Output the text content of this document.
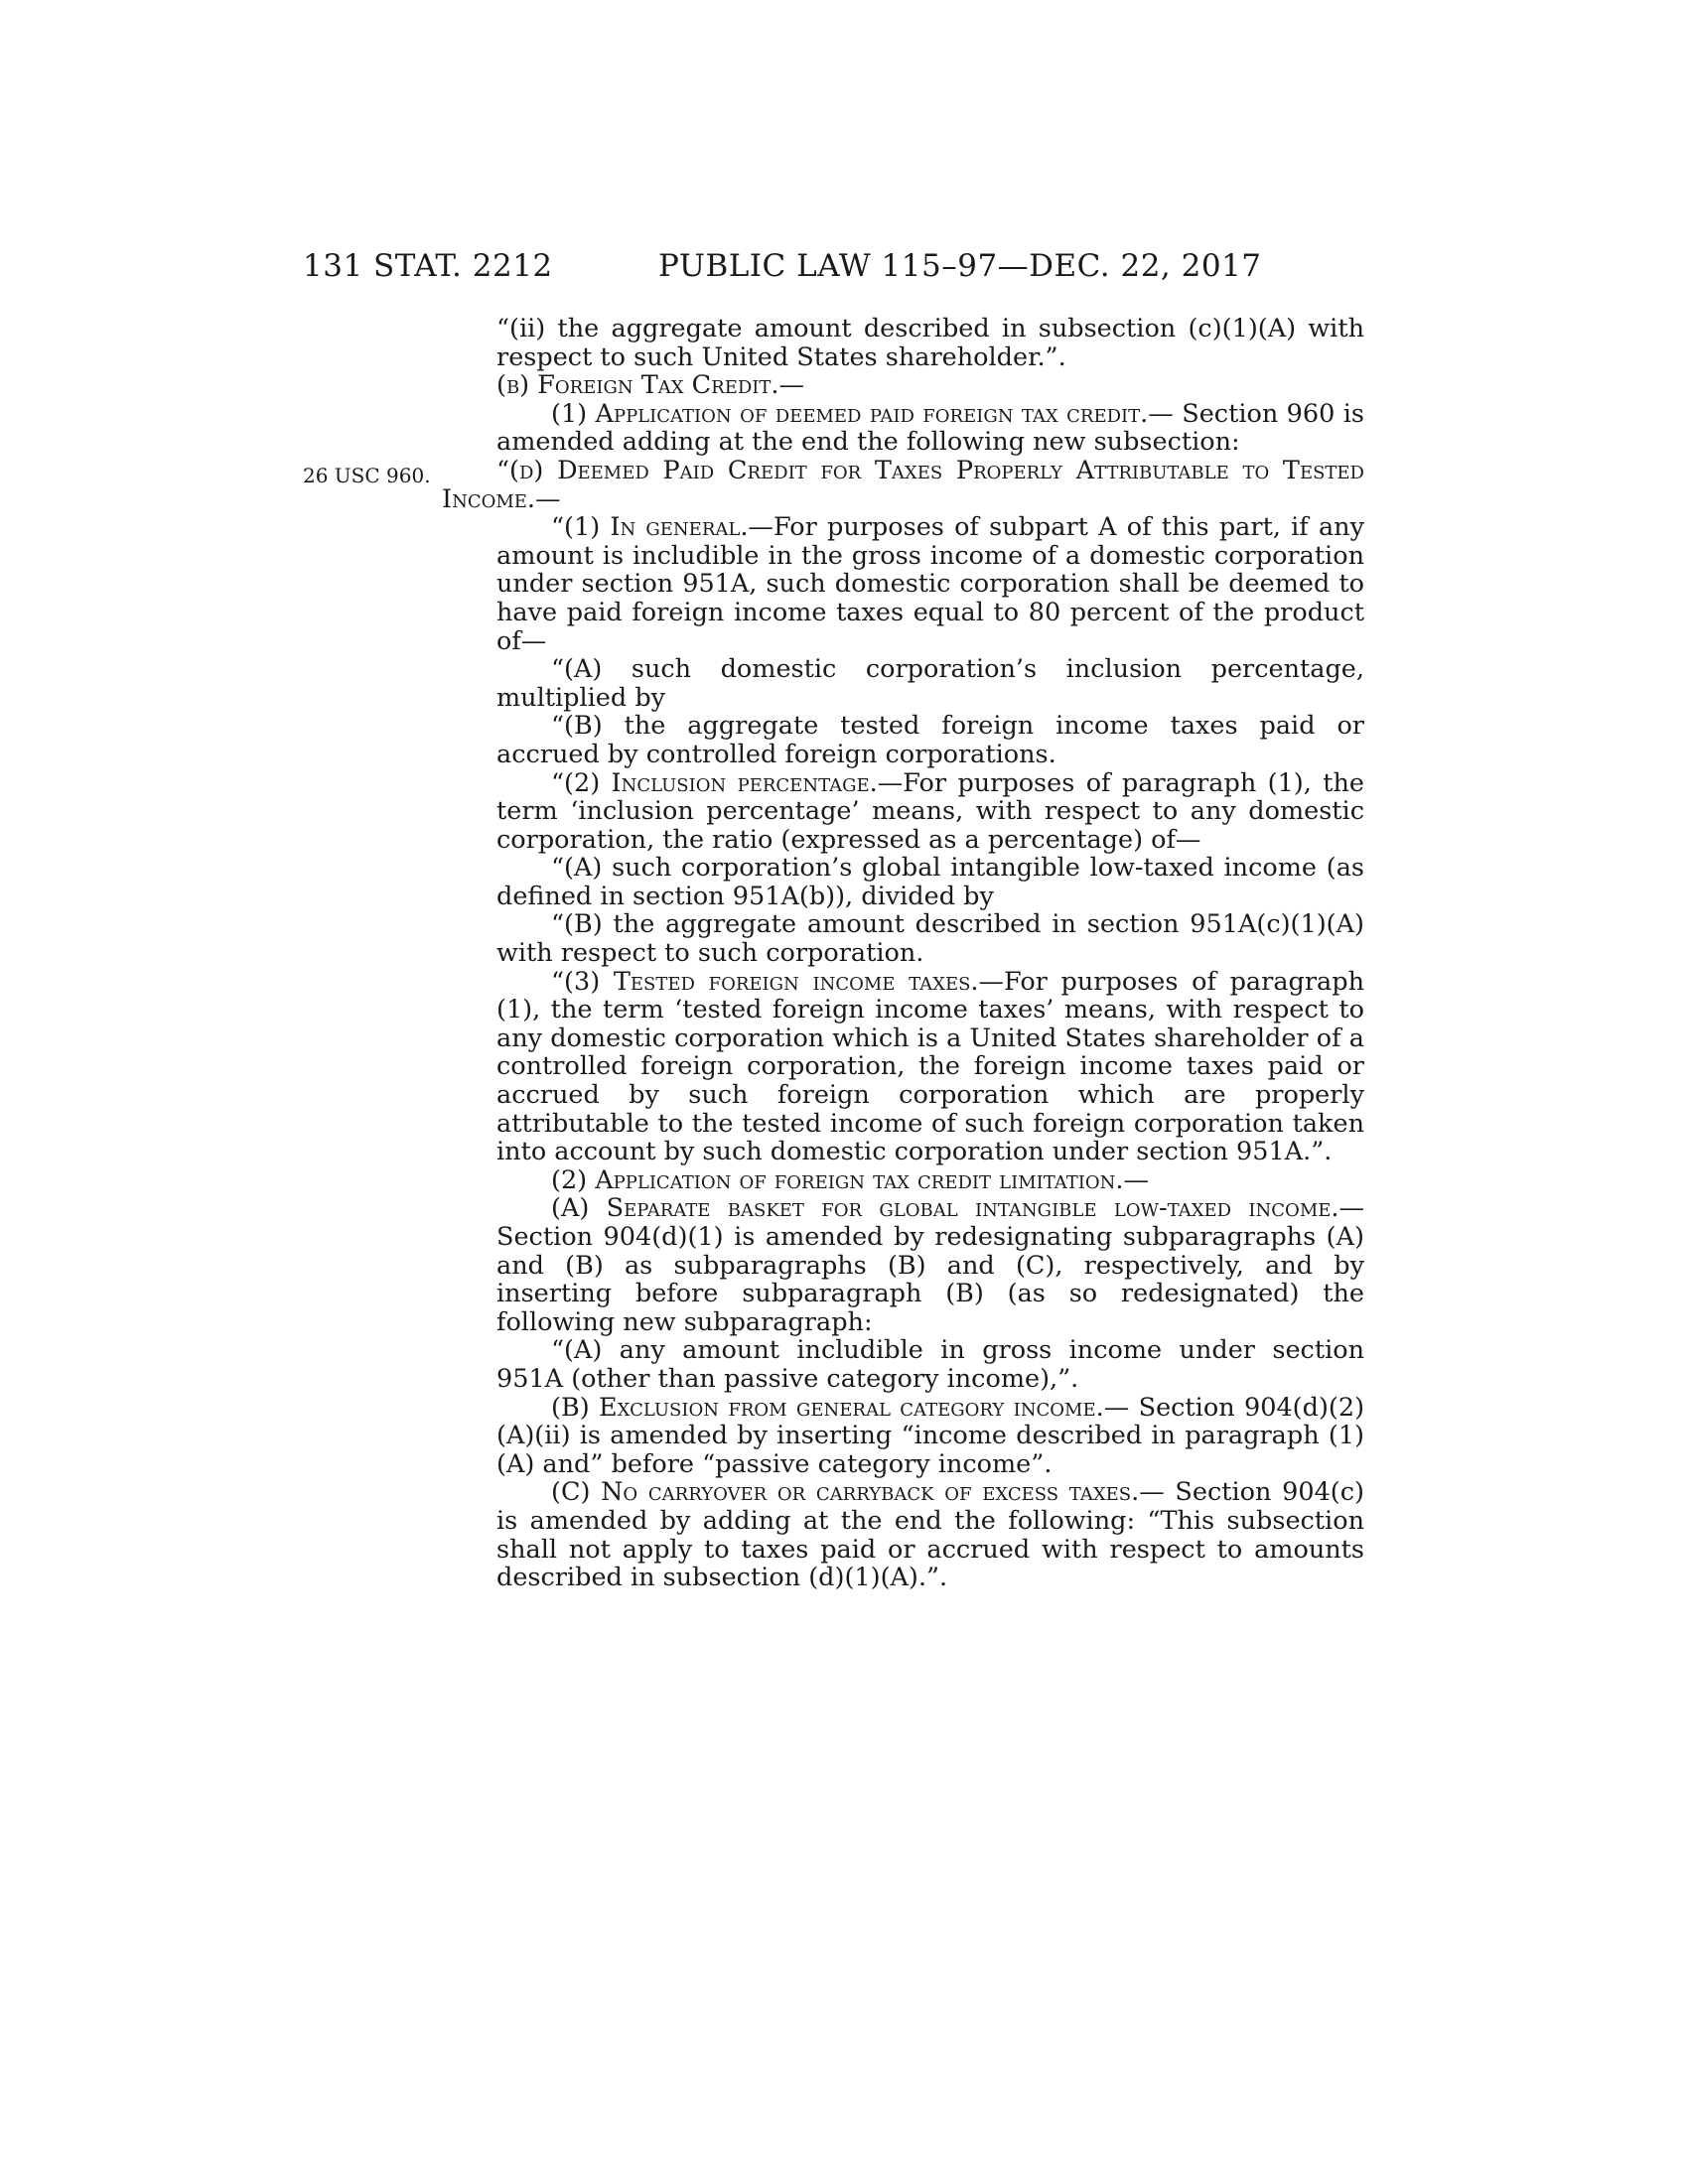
131 STAT. 2212	PUBLIC LAW 115–97—DEC. 22, 2017
26 USC 960.

“(ii) the aggregate amount described in subsection (c)(1)(A) with respect to such United States shareholder.”.

(b) Foreign Tax Credit.—

(1) Application of deemed paid foreign tax credit.— Section 960 is amended adding at the end the following new subsection:

“(d) Deemed Paid Credit for Taxes Properly Attributable to Tested Income.—

“(1) In general.—For purposes of subpart A of this part, if any amount is includible in the gross income of a domestic corporation under section 951A, such domestic corporation shall be deemed to have paid foreign income taxes equal to 80 percent of the product of—

“(A) such domestic corporation’s inclusion percentage, multiplied by

“(B) the aggregate tested foreign income taxes paid or accrued by controlled foreign corporations.

“(2) Inclusion percentage.—For purposes of paragraph (1), the term ‘inclusion percentage’ means, with respect to any domestic corporation, the ratio (expressed as a percentage) of—

“(A) such corporation’s global intangible low-taxed income (as defined in section 951A(b)), divided by

“(B) the aggregate amount described in section 951A(c)(1)(A) with respect to such corporation.

“(3) Tested foreign income taxes.—For purposes of paragraph (1), the term ‘tested foreign income taxes’ means, with respect to any domestic corporation which is a United States shareholder of a controlled foreign corporation, the foreign income taxes paid or accrued by such foreign corporation which are properly attributable to the tested income of such foreign corporation taken into account by such domestic corporation under section 951A.”.

(2) Application of foreign tax credit limitation.—

(A) Separate basket for global intangible low-taxed income.—Section 904(d)(1) is amended by redesignating subparagraphs (A) and (B) as subparagraphs (B) and (C), respectively, and by inserting before subparagraph (B) (as so redesignated) the following new subparagraph:

“(A) any amount includible in gross income under section 951A (other than passive category income),”.

(B) Exclusion from general category income.— Section 904(d)(2)(A)(ii) is amended by inserting “income described in paragraph (1)(A) and” before “passive category income”.

(C) No carryover or carryback of excess taxes.— Section 904(c) is amended by adding at the end the following: “This subsection shall not apply to taxes paid or accrued with respect to amounts described in subsection (d)(1)(A).”.
